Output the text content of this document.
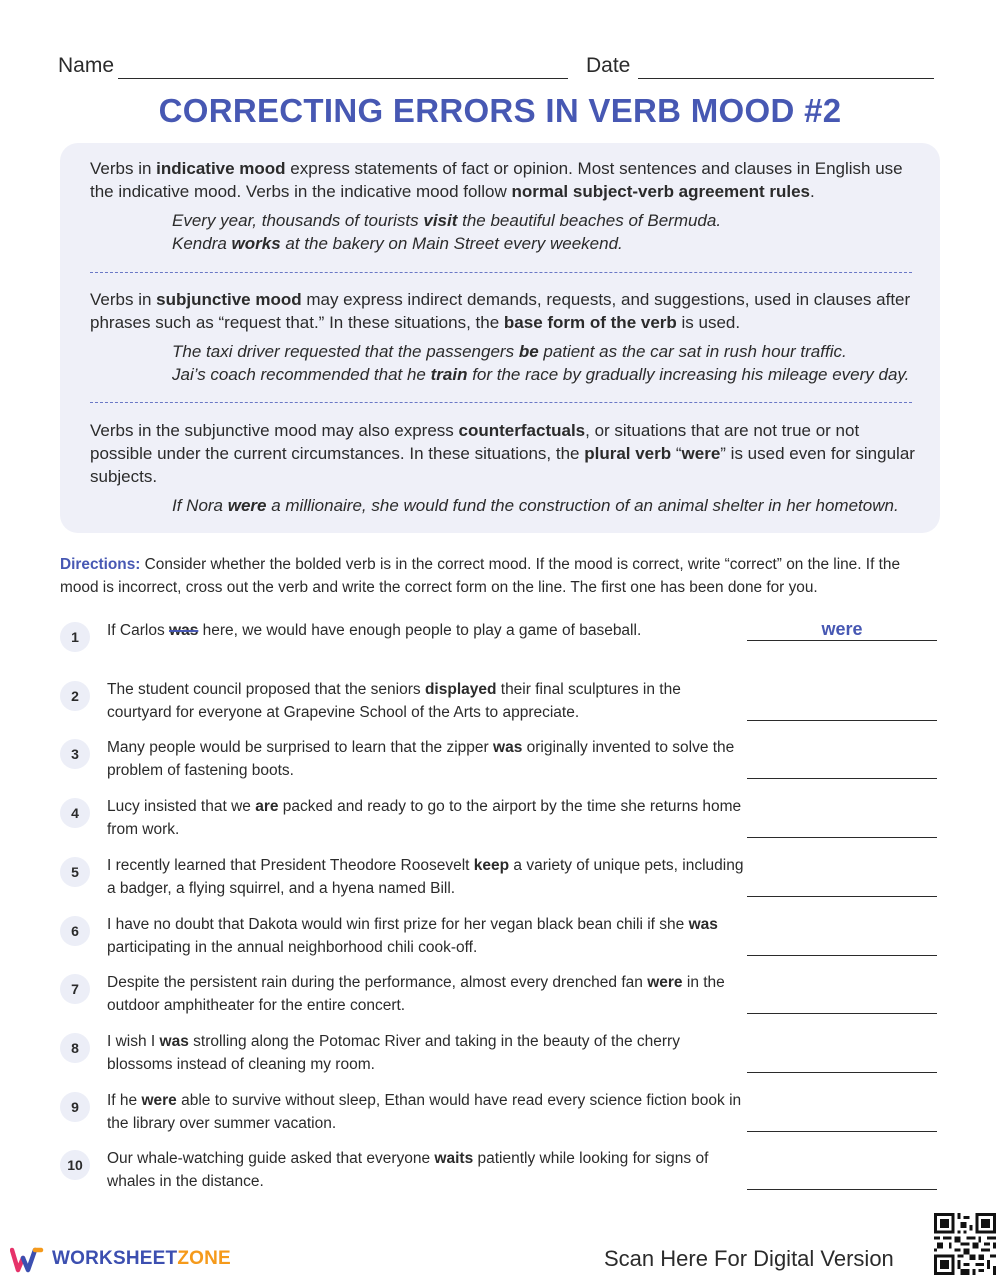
Name	Date
CORRECTING ERRORS IN VERB MOOD #2
Verbs in indicative mood express statements of fact or opinion. Most sentences and clauses in English use the indicative mood. Verbs in the indicative mood follow normal subject-verb agreement rules.
Every year, thousands of tourists visit the beautiful beaches of Bermuda.
Kendra works at the bakery on Main Street every weekend.
Verbs in subjunctive mood may express indirect demands, requests, and suggestions, used in clauses after phrases such as “request that.” In these situations, the base form of the verb is used.
The taxi driver requested that the passengers be patient as the car sat in rush hour traffic.
Jai’s coach recommended that he train for the race by gradually increasing his mileage every day.
Verbs in the subjunctive mood may also express counterfactuals, or situations that are not true or not possible under the current circumstances. In these situations, the plural verb “were” is used even for singular subjects.
If Nora were a millionaire, she would fund the construction of an animal shelter in her hometown.
Directions: Consider whether the bolded verb is in the correct mood. If the mood is correct, write “correct” on the line. If the mood is incorrect, cross out the verb and write the correct form on the line. The first one has been done for you.
1	If Carlos was here, we would have enough people to play a game of baseball.	were
2	The student council proposed that the seniors displayed their final sculptures in the courtyard for everyone at Grapevine School of the Arts to appreciate.
3	Many people would be surprised to learn that the zipper was originally invented to solve the problem of fastening boots.
4	Lucy insisted that we are packed and ready to go to the airport by the time she returns home from work.
5	I recently learned that President Theodore Roosevelt keep a variety of unique pets, including a badger, a flying squirrel, and a hyena named Bill.
6	I have no doubt that Dakota would win first prize for her vegan black bean chili if she was participating in the annual neighborhood chili cook-off.
7	Despite the persistent rain during the performance, almost every drenched fan were in the outdoor amphitheater for the entire concert.
8	I wish I was strolling along the Potomac River and taking in the beauty of the cherry blossoms instead of cleaning my room.
9	If he were able to survive without sleep, Ethan would have read every science fiction book in the library over summer vacation.
10	Our whale-watching guide asked that everyone waits patiently while looking for signs of whales in the distance.
WORKSHEETZONE	Scan Here For Digital Version
